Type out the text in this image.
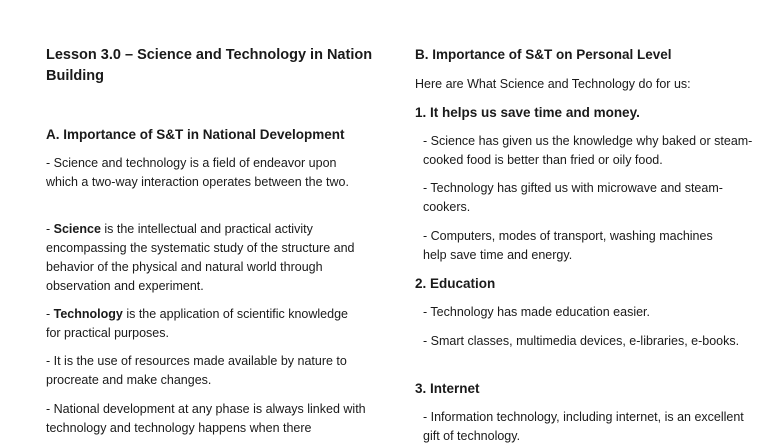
Lesson 3.0 – Science and Technology in Nation Building
A. Importance of S&T in National Development
- Science and technology is a field of endeavor upon which a two-way interaction operates between the two.
- Science is the intellectual and practical activity encompassing the systematic study of the structure and behavior of the physical and natural world through observation and experiment.
- Technology is the application of scientific knowledge for practical purposes.
- It is the use of resources made available by nature to procreate and make changes.
- National development at any phase is always linked with technology and technology happens when there
B. Importance of S&T on Personal Level
Here are What Science and Technology do for us:
1. It helps us save time and money.
- Science has given us the knowledge why baked or steam-cooked food is better than fried or oily food.
- Technology has gifted us with microwave and steam-cookers.
- Computers, modes of transport, washing machines help save time and energy.
2. Education
- Technology has made education easier.
- Smart classes, multimedia devices, e-libraries, e-books.
3. Internet
- Information technology, including internet, is an excellent gift of technology.
